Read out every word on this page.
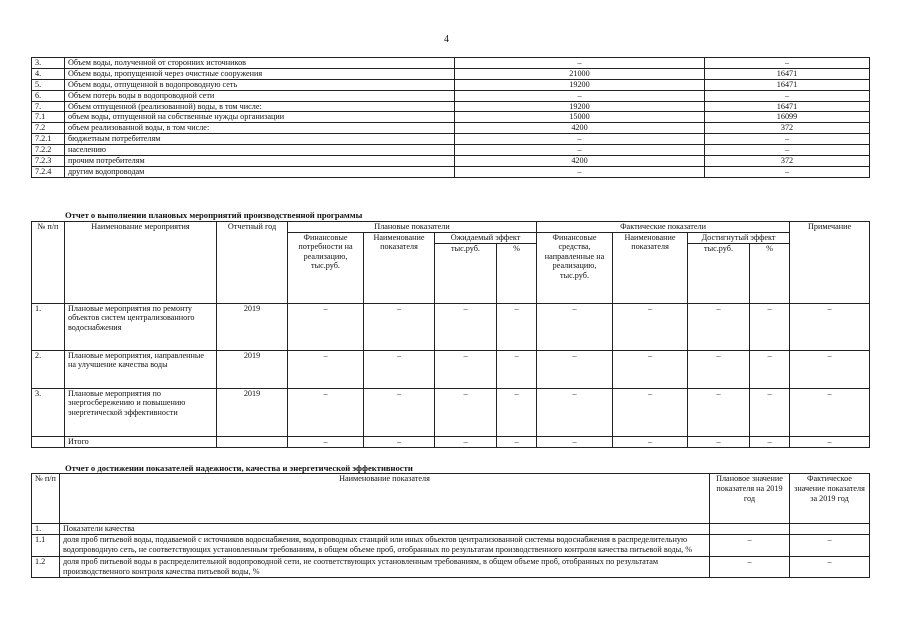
4
3.	Объем воды, полученной от сторонних источников	–	–
4.	Объем воды, пропущенной через очистные сооружения	21000	16471
5.	Объем воды, отпущенной в водопроводную сеть	19200	16471
6.	Объем потерь воды в водопроводной сети	–	–
7.	Объем отпущенной (реализованной) воды, в том числе:	19200	16471
7.1	объем воды, отпущенной на собственные нужды организации	15000	16099
7.2	объем реализованной воды, в том числе:	4200	372
7.2.1	бюджетным потребителям	–	–
7.2.2	населению	–	–
7.2.3	прочим потребителям	4200	372
7.2.4	другим водопроводам	–	–
Отчет о выполнении плановых мероприятий производственной программы
№ п/п	Наименование мероприятия	Отчетный год	Плановые показатели				Фактические показатели				Примечание
			Финансовые потребности на реализацию, тыс.руб.	Наименование показателя	Ожидаемый эффект		Финансовые средства, направленные на реализацию, тыс.руб.	Наименование показателя	Достигнутый эффект		
					тыс.руб.	%			тыс.руб.	%	
1.	Плановые мероприятия по ремонту объектов систем централизованного водоснабжения	2019	–	–	–	–	–	–	–	–	–
2.	Плановые мероприятия, направленные на улучшение качества воды	2019	–	–	–	–	–	–	–	–	–
3.	Плановые мероприятия по энергосбережению и повышению энергетической эффективности	2019	–	–	–	–	–	–	–	–	–
	Итого		–	–	–	–	–	–	–	–	–
Отчет о достижении показателей надежности, качества и энергетической эффективности
№ п/п	Наименование показателя	Плановое значение показателя на 2019 год	Фактическое значение показателя за 2019 год
1.	Показатели качества		
1.1	доля проб питьевой воды, подаваемой с источников водоснабжения, водопроводных станций или иных объектов централизованной системы водоснабжения в распределительную водопроводную сеть, не соответствующих установленным требованиям, в общем объеме проб, отобранных по результатам производственного контроля качества питьевой воды, %	–	–
1.2	доля проб питьевой воды в распределительной водопроводной сети, не соответствующих установленным требованиям, в общем объеме проб, отобранных по результатам производственного контроля качества питьевой воды, %	–	–
